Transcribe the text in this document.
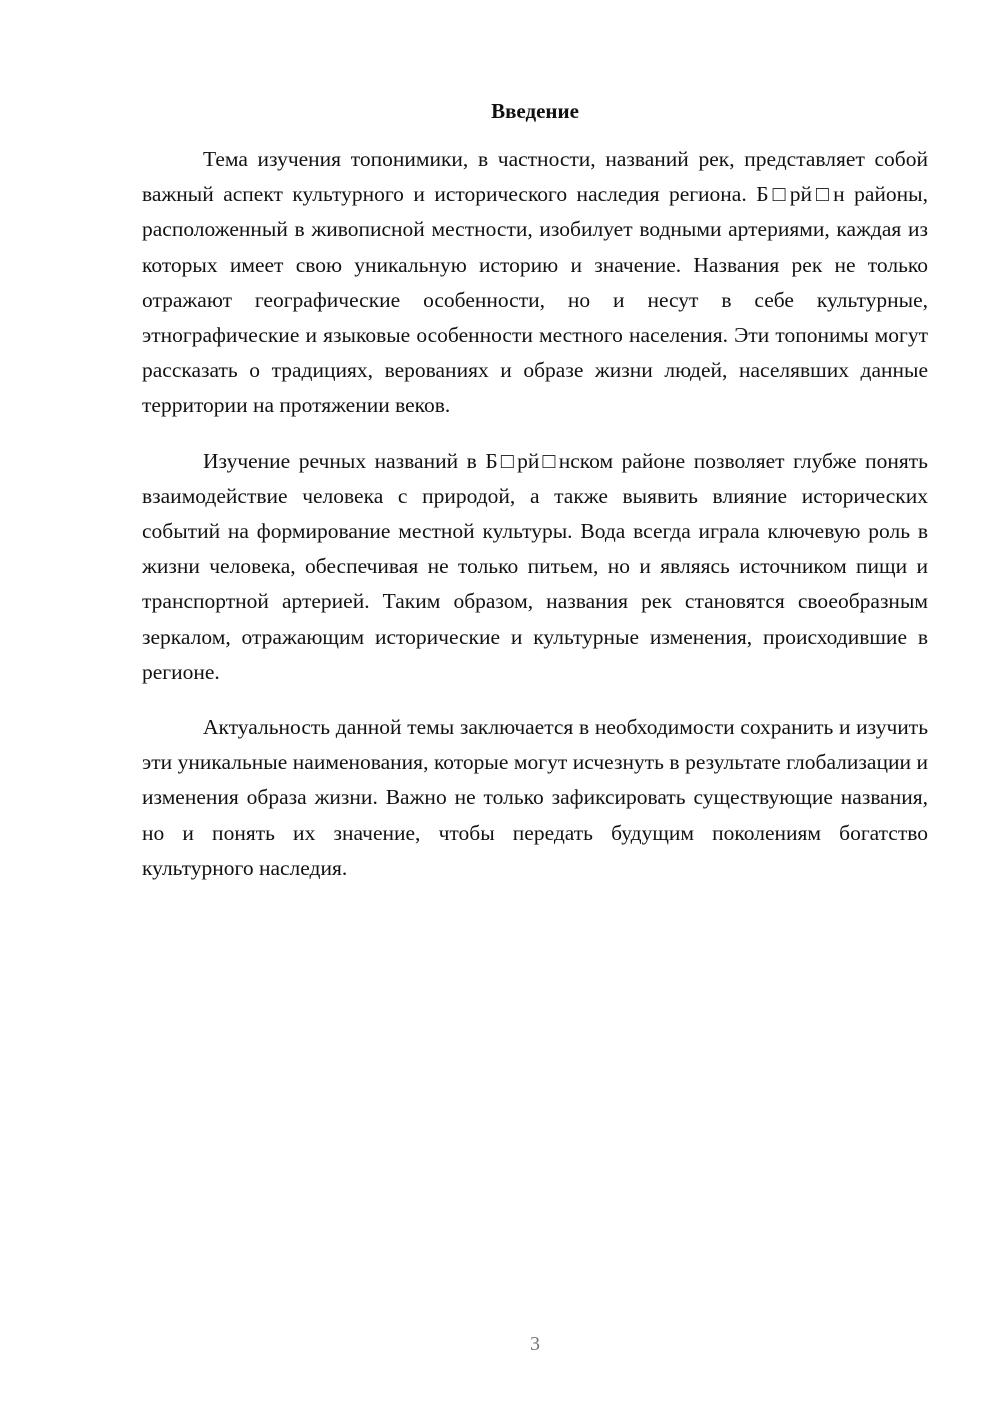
Введение

Тема изучения топонимики, в частности, названий рек, представляет собой важный аспект культурного и исторического наследия региона. Б□рй□н районы, расположенный в живописной местности, изобилует водными артериями, каждая из которых имеет свою уникальную историю и значение. Названия рек не только отражают географические особенности, но и несут в себе культурные, этнографические и языковые особенности местного населения. Эти топонимы могут рассказать о традициях, верованиях и образе жизни людей, населявших данные территории на протяжении веков.

Изучение речных названий в Б□рй□нском районе позволяет глубже понять взаимодействие человека с природой, а также выявить влияние исторических событий на формирование местной культуры. Вода всегда играла ключевую роль в жизни человека, обеспечивая не только питьем, но и являясь источником пищи и транспортной артерией. Таким образом, названия рек становятся своеобразным зеркалом, отражающим исторические и культурные изменения, происходившие в регионе.

Актуальность данной темы заключается в необходимости сохранить и изучить эти уникальные наименования, которые могут исчезнуть в результате глобализации и изменения образа жизни. Важно не только зафиксировать существующие названия, но и понять их значение, чтобы передать будущим поколениям богатство культурного наследия.

3
